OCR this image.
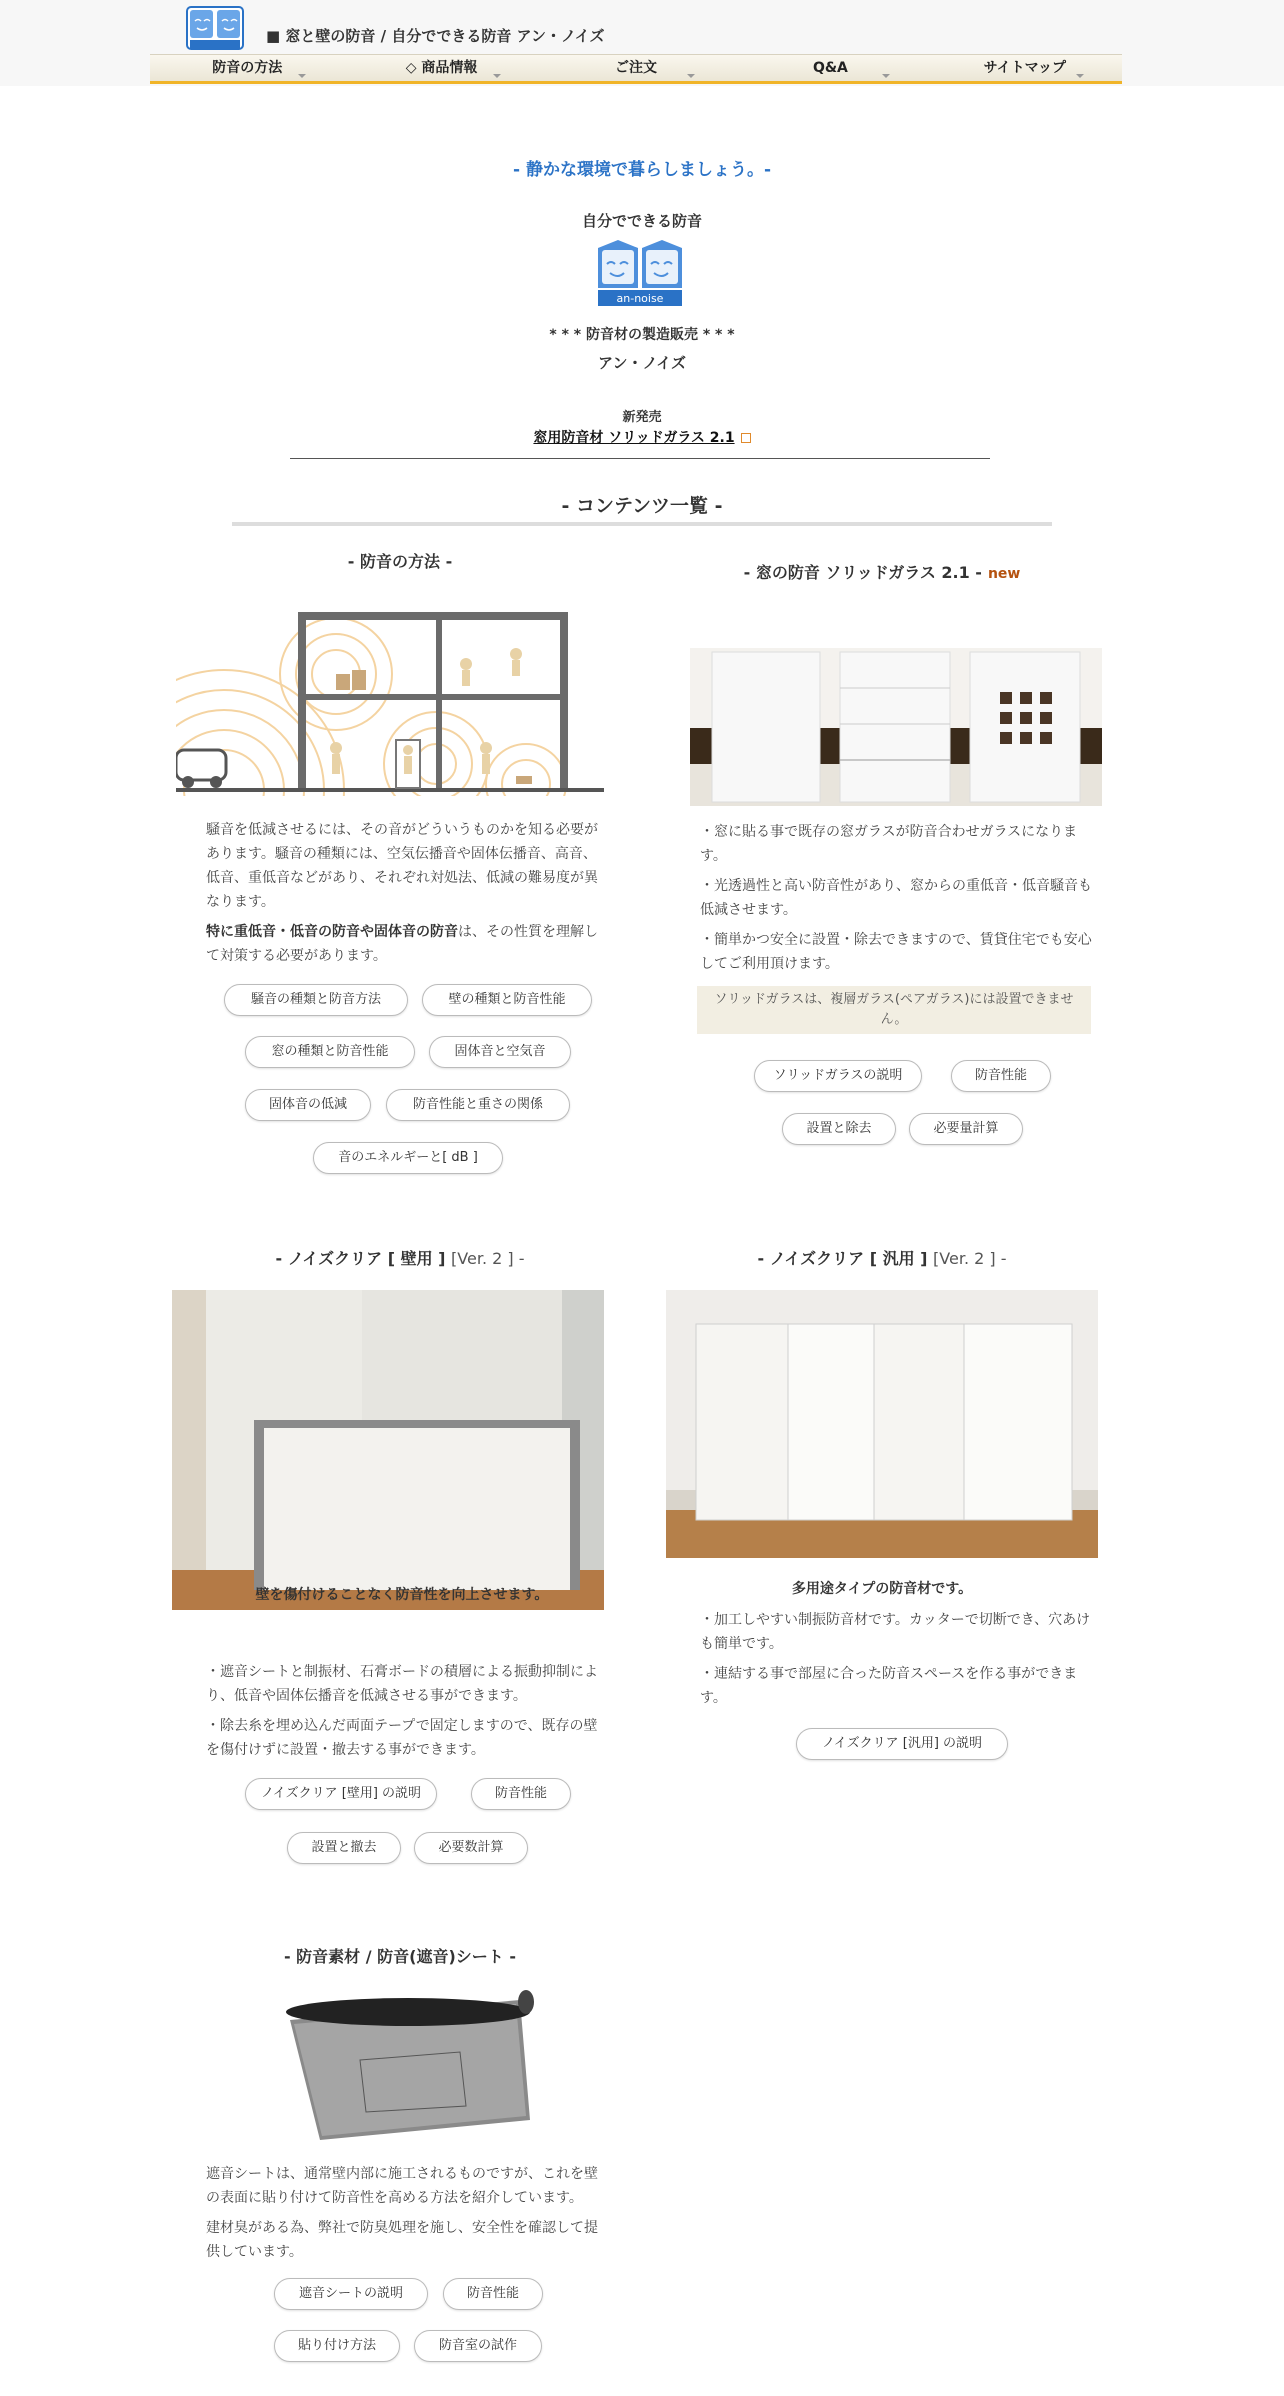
■ 窓と壁の防音 / 自分でできる防音 アン・ノイズ
防音の方法	◇ 商品情報	ご注文	Q&A	サイトマップ
- 静かな環境で暮らしましょう。-
自分でできる防音
an-noise
* * * 防音材の製造販売 * * *
アン・ノイズ
新発売
窓用防音材 ソリッドガラス 2.1
- コンテンツ一覧 -
- 防音の方法 -

騒音を低減させるには、その音がどういうものかを知る必要があります。騒音の種類には、空気伝播音や固体伝播音、高音、低音、重低音などがあり、それぞれ対処法、低減の難易度が異なります。

特に重低音・低音の防音や固体音の防音は、その性質を理解して対策する必要があります。

騒音の種類と防音方法	壁の種類と防音性能
窓の種類と防音性能	固体音と空気音
固体音の低減	防音性能と重さの関係
音のエネルギーと[ dB ]
- 窓の防音 ソリッドガラス 2.1 - new

・窓に貼る事で既存の窓ガラスが防音合わせガラスになります。

・光透過性と高い防音性があり、窓からの重低音・低音騒音も低減させます。

・簡単かつ安全に設置・除去できますので、賃貸住宅でも安心してご利用頂けます。

ソリッドガラスは、複層ガラス(ペアガラス)には設置できません。
ソリッドガラスの説明	防音性能
設置と除去	必要量計算
- ノイズクリア [ 壁用 ] [Ver. 2 ] -
壁を傷付けることなく防音性を向上させます。

・遮音シートと制振材、石膏ボードの積層による振動抑制により、低音や固体伝播音を低減させる事ができます。

・除去糸を埋め込んだ両面テープで固定しますので、既存の壁を傷付けずに設置・撤去する事ができます。

ノイズクリア [壁用] の説明	防音性能
設置と撤去	必要数計算
- ノイズクリア [ 汎用 ] [Ver. 2 ] -
多用途タイプの防音材です。

・加工しやすい制振防音材です。カッターで切断でき、穴あけも簡単です。

・連結する事で部屋に合った防音スペースを作る事ができます。

ノイズクリア [汎用] の説明
- 防音素材 / 防音(遮音)シート -

遮音シートは、通常壁内部に施工されるものですが、これを壁の表面に貼り付けて防音性を高める方法を紹介しています。

建材臭がある為、弊社で防臭処理を施し、安全性を確認して提供しています。

遮音シートの説明	防音性能
貼り付け方法	防音室の試作
